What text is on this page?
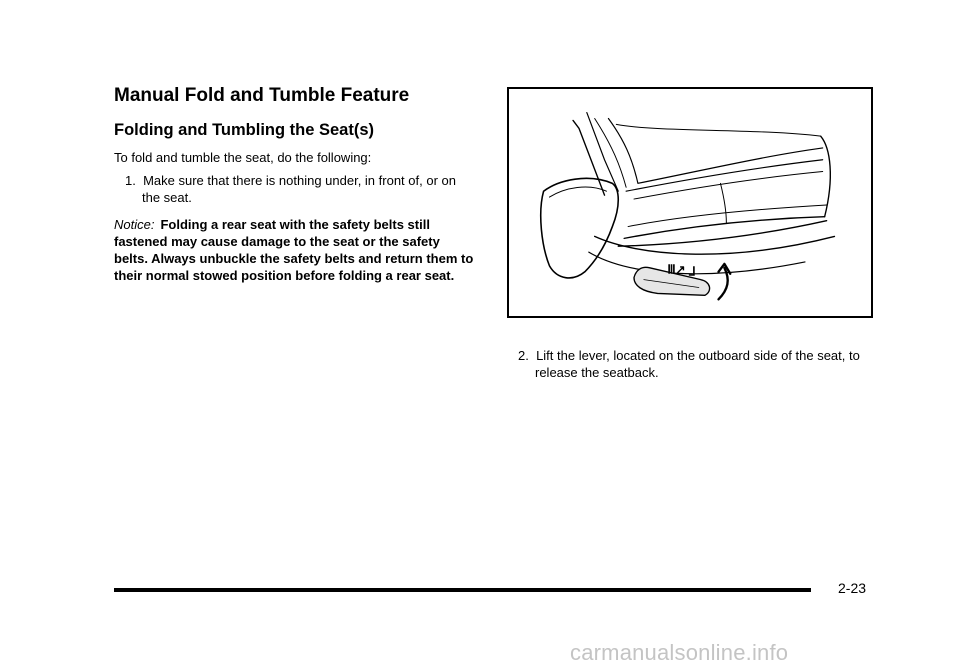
Manual Fold and Tumble Feature
Folding and Tumbling the Seat(s)

To fold and tumble the seat, do the following:

1.  Make sure that there is nothing under, in front of, or on the seat.

Notice: Folding a rear seat with the safety belts still fastened may cause damage to the seat or the safety belts. Always unbuckle the safety belts and return them to their normal stowed position before folding a rear seat.	Ⅲ↗ ⅃

2.  Lift the lever, located on the outboard side of the seat, to release the seatback.

2-23
carmanualsonline.info
